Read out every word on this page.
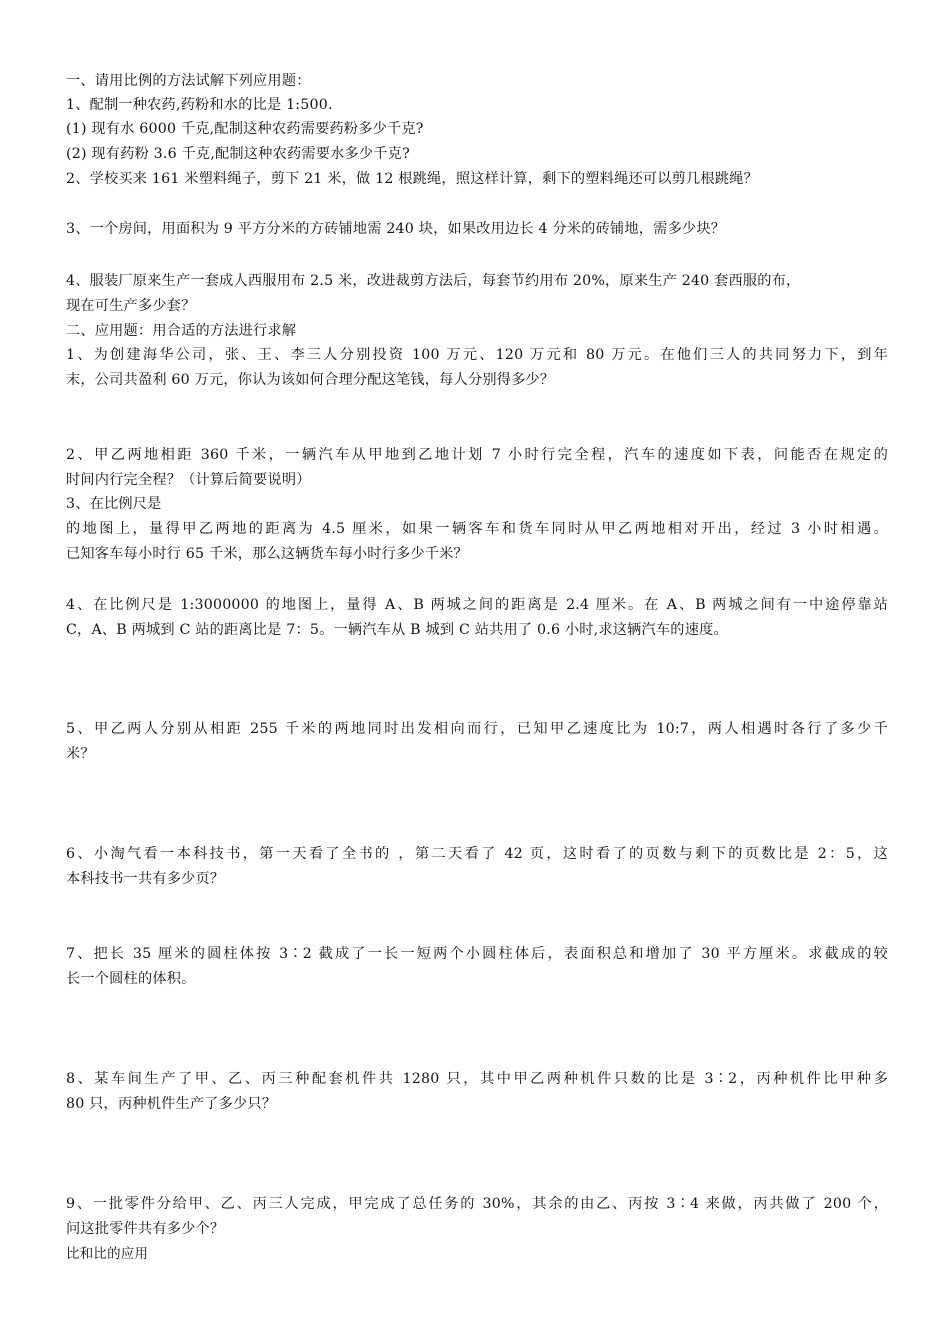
一、请用比例的方法试解下列应用题：
1、配制一种农药,药粉和水的比是 1:500.
(1) 现有水 6000 千克,配制这种农药需要药粉多少千克?
(2) 现有药粉 3.6 千克,配制这种农药需要水多少千克?
2、学校买来 161 米塑料绳子，剪下 21 米，做 12 根跳绳，照这样计算，剩下的塑料绳还可以剪几根跳绳？
3、一个房间，用面积为 9 平方分米的方砖铺地需 240 块，如果改用边长 4 分米的砖铺地，需多少块？
4、服装厂原来生产一套成人西服用布 2.5 米，改进裁剪方法后，每套节约用布 20%，原来生产 240 套西服的布，
现在可生产多少套？
二、应用题：用合适的方法进行求解
1、为创建海华公司，张、王、李三人分别投资 100 万元、120 万元和 80 万元。在他们三人的共同努力下，到年
末，公司共盈利 60 万元，你认为该如何合理分配这笔钱，每人分别得多少？
2、甲乙两地相距 360 千米，一辆汽车从甲地到乙地计划 7 小时行完全程，汽车的速度如下表，问能否在规定的
时间内行完全程？（计算后简要说明）
3、在比例尺是
的地图上，量得甲乙两地的距离为 4.5 厘米，如果一辆客车和货车同时从甲乙两地相对开出，经过 3 小时相遇。
已知客车每小时行 65 千米，那么这辆货车每小时行多少千米？
4、在比例尺是 1:3000000 的地图上，量得 A、B 两城之间的距离是 2.4 厘米。在 A、B 两城之间有一中途停靠站
C，A、B 两城到 C 站的距离比是 7：5。一辆汽车从 B 城到 C 站共用了 0.6 小时,求这辆汽车的速度。
5、甲乙两人分别从相距 255 千米的两地同时出发相向而行，已知甲乙速度比为 10:7，两人相遇时各行了多少千
米？
6、小淘气看一本科技书，第一天看了全书的 ，第二天看了 42 页，这时看了的页数与剩下的页数比是 2：5，这
本科技书一共有多少页？
7、把长 35 厘米的圆柱体按 3∶2 截成了一长一短两个小圆柱体后，表面积总和增加了 30 平方厘米。求截成的较
长一个圆柱的体积。
8、某车间生产了甲、乙、丙三种配套机件共 1280 只，其中甲乙两种机件只数的比是 3∶2，丙种机件比甲种多
80 只，丙种机件生产了多少只？
9、一批零件分给甲、乙、丙三人完成，甲完成了总任务的 30%，其余的由乙、丙按 3∶4 来做，丙共做了 200 个，
问这批零件共有多少个？
比和比的应用
